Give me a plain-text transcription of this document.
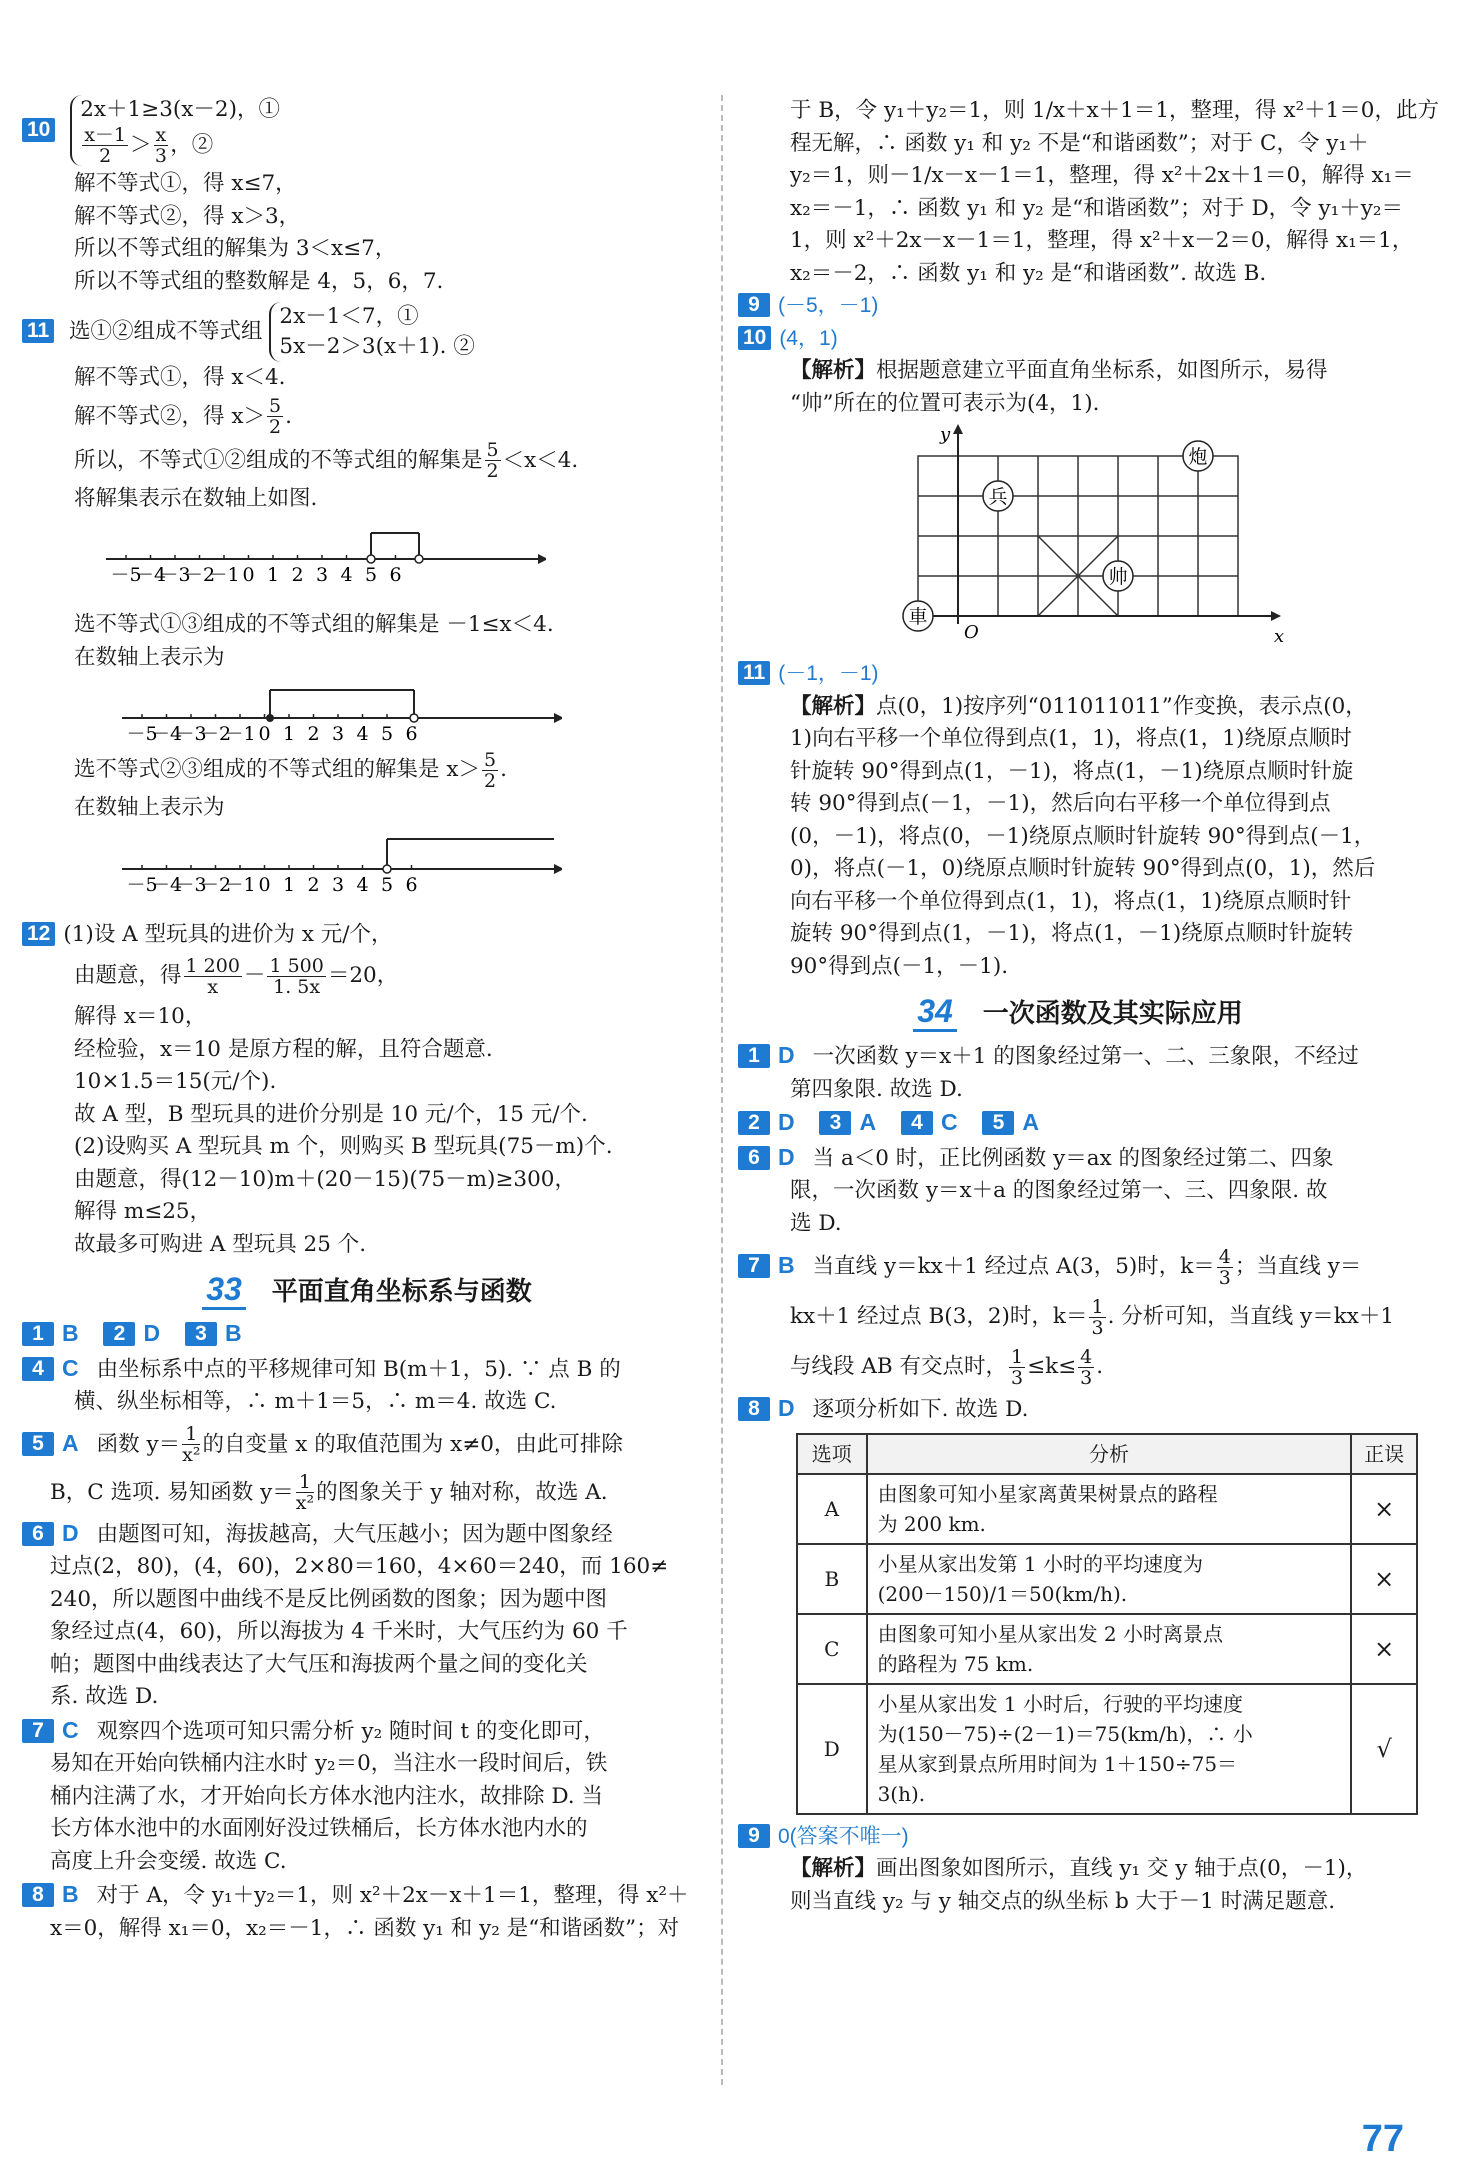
10 2x＋1≥3(x－2)，①

$\frac{x-1}{2} > \frac{x}{3}$ ，②
解不等式①，得 x≤7，
解不等式②，得 x＞3，
所以不等式组的解集为 3＜x≤7，
所以不等式组的整数解是 4，5，6，7.
11 选①②组成不等式组 2x－1＜7，①
5x－2＞3(x＋1). ②
解不等式①，得 x＜4.
解不等式②，得 $x> \frac{5}{2}$ .
所以，不等式①②组成的不等式组的解集是 $\frac{5}{2} <x<4$.
将解集表示在数轴上如图.
－5
－4
－3
－2
－1 0 1 2 3 4 5 6
选不等式①③组成的不等式组的解集是 －1≤x＜4.
在数轴上表示为
－5
－4
－3
－2
－1 0 1 2 3 4 5 6
选不等式②③组成的不等式组的解集是 $x> \frac{5}{2}$ .
在数轴上表示为
－5
－4
－3
－2
－1 0 1 2 3 4 5 6
12 (1)设 A 型玩具的进价为 x 元/个，
由题意，得 $\frac{1 200}{x} - \frac{1 500}{1. 5x} =20$，
解得 x＝10，
经检验，x＝10 是原方程的解，且符合题意.
10×1.5＝15(元/个).
故 A 型，B 型玩具的进价分别是 10 元/个，15 元/个.
(2)设购买 A 型玩具 m 个，则购买 B 型玩具(75－m)个.
由题意，得(12－10)m＋(20－15)(75－m)≥300，
解得 m≤25，
故最多可购进 A 型玩具 25 个.
33 平面直角坐标系与函数
1 B 2 D 3 B
4 C 由坐标系中点的平移规律可知 B(m＋1，5). ∵ 点 B 的
横、纵坐标相等，∴ m＋1＝5，∴ m＝4. 故选 C.
5 A 函数 $y= \frac{1}{\text{x²}}$ 的自变量 x 的取值范围为 x≠0，由此可排除
B，C 选项. 易知函数 $y= \frac{1}{\text{x²}}$ 的图象关于 y 轴对称，故选 A.
6 D 由题图可知，海拔越高，大气压越小；因为题中图象经
过点(2，80)，(4，60)，2×80＝160，4×60＝240，而 160≠
240，所以题图中曲线不是反比例函数的图象；因为题中图
象经过点(4，60)，所以海拔为 4 千米时，大气压约为 60 千
帕；题图中曲线表达了大气压和海拔两个量之间的变化关
系. 故选 D.
7 C 观察四个选项可知只需分析 y₂ 随时间 t 的变化即可，
易知在开始向铁桶内注水时 y₂＝0，当注水一段时间后，铁
桶内注满了水，才开始向长方体水池内注水，故排除 D. 当
长方体水池中的水面刚好没过铁桶后，长方体水池内水的
高度上升会变缓. 故选 C.
8 B 对于 A，令 y₁＋y₂＝1，则 x²＋2x－x＋1＝1，整理，得 x²＋
x＝0，解得 x₁＝0，x₂＝－1，∴ 函数 y₁ 和 y₂ 是“和谐函数”；对
于 B，令 y₁＋y₂＝1，则 1/x＋x＋1＝1，整理，得 x²＋1＝0，此方
程无解，∴ 函数 y₁ 和 y₂ 不是“和谐函数”；对于 C，令 y₁＋
y₂＝1，则－1/x－x－1＝1，整理，得 x²＋2x＋1＝0，解得 x₁＝
x₂＝－1，∴ 函数 y₁ 和 y₂ 是“和谐函数”；对于 D，令 y₁＋y₂＝
1，则 x²＋2x－x－1＝1，整理，得 x²＋x－2＝0，解得 x₁＝1，
x₂＝－2，∴ 函数 y₁ 和 y₂ 是“和谐函数”. 故选 B.
9 (－5，－1)
10 (4，1)
【解析】根据题意建立平面直角坐标系，如图所示，易得
“帅”所在的位置可表示为(4，1).
y
x
O
炮
兵
帅
車
11 (－1，－1)
【解析】点(0，1)按序列“011011011”作变换，表示点(0，
1)向右平移一个单位得到点(1，1)，将点(1，1)绕原点顺时
针旋转 90°得到点(1，－1)，将点(1，－1)绕原点顺时针旋
转 90°得到点(－1，－1)，然后向右平移一个单位得到点
(0，－1)，将点(0，－1)绕原点顺时针旋转 90°得到点(－1，
0)，将点(－1，0)绕原点顺时针旋转 90°得到点(0，1)，然后
向右平移一个单位得到点(1，1)，将点(1，1)绕原点顺时针
旋转 90°得到点(1，－1)，将点(1，－1)绕原点顺时针旋转
90°得到点(－1，－1).
34 一次函数及其实际应用
1 D 一次函数 y＝x＋1 的图象经过第一、二、三象限，不经过
第四象限. 故选 D.
2 D 3 A 4 C 5 A
6 D 当 a＜0 时，正比例函数 y＝ax 的图象经过第二、四象
限，一次函数 y＝x＋a 的图象经过第一、三、四象限. 故
选 D.
7 B 当直线 y＝kx＋1 经过点 A(3，5)时，$k= \frac{4}{3}$ ；当直线 y＝
kx＋1 经过点 B(3，2)时，$k= \frac{1}{3}$ . 分析可知，当直线 y＝kx＋1
与线段 AB 有交点时， $\frac{1}{3} \le k\le \frac{4}{3}$ .
8 D 逐项分析如下. 故选 D.
选项	分析	正误
A	由图象可知小星家离黄果树景点的路程
为 200 km.	×
B	小星从家出发第 1 小时的平均速度为
(200－150)/1＝50(km/h).	×
C	由图象可知小星从家出发 2 小时离景点
的路程为 75 km.	×
D	小星从家出发 1 小时后，行驶的平均速度
为(150－75)÷(2－1)＝75(km/h)，∴ 小
星从家到景点所用时间为 1＋150÷75＝
3(h).	√
9 0(答案不唯一)
【解析】画出图象如图所示，直线 y₁ 交 y 轴于点(0，－1)，
则当直线 y₂ 与 y 轴交点的纵坐标 b 大于－1 时满足题意.
77
